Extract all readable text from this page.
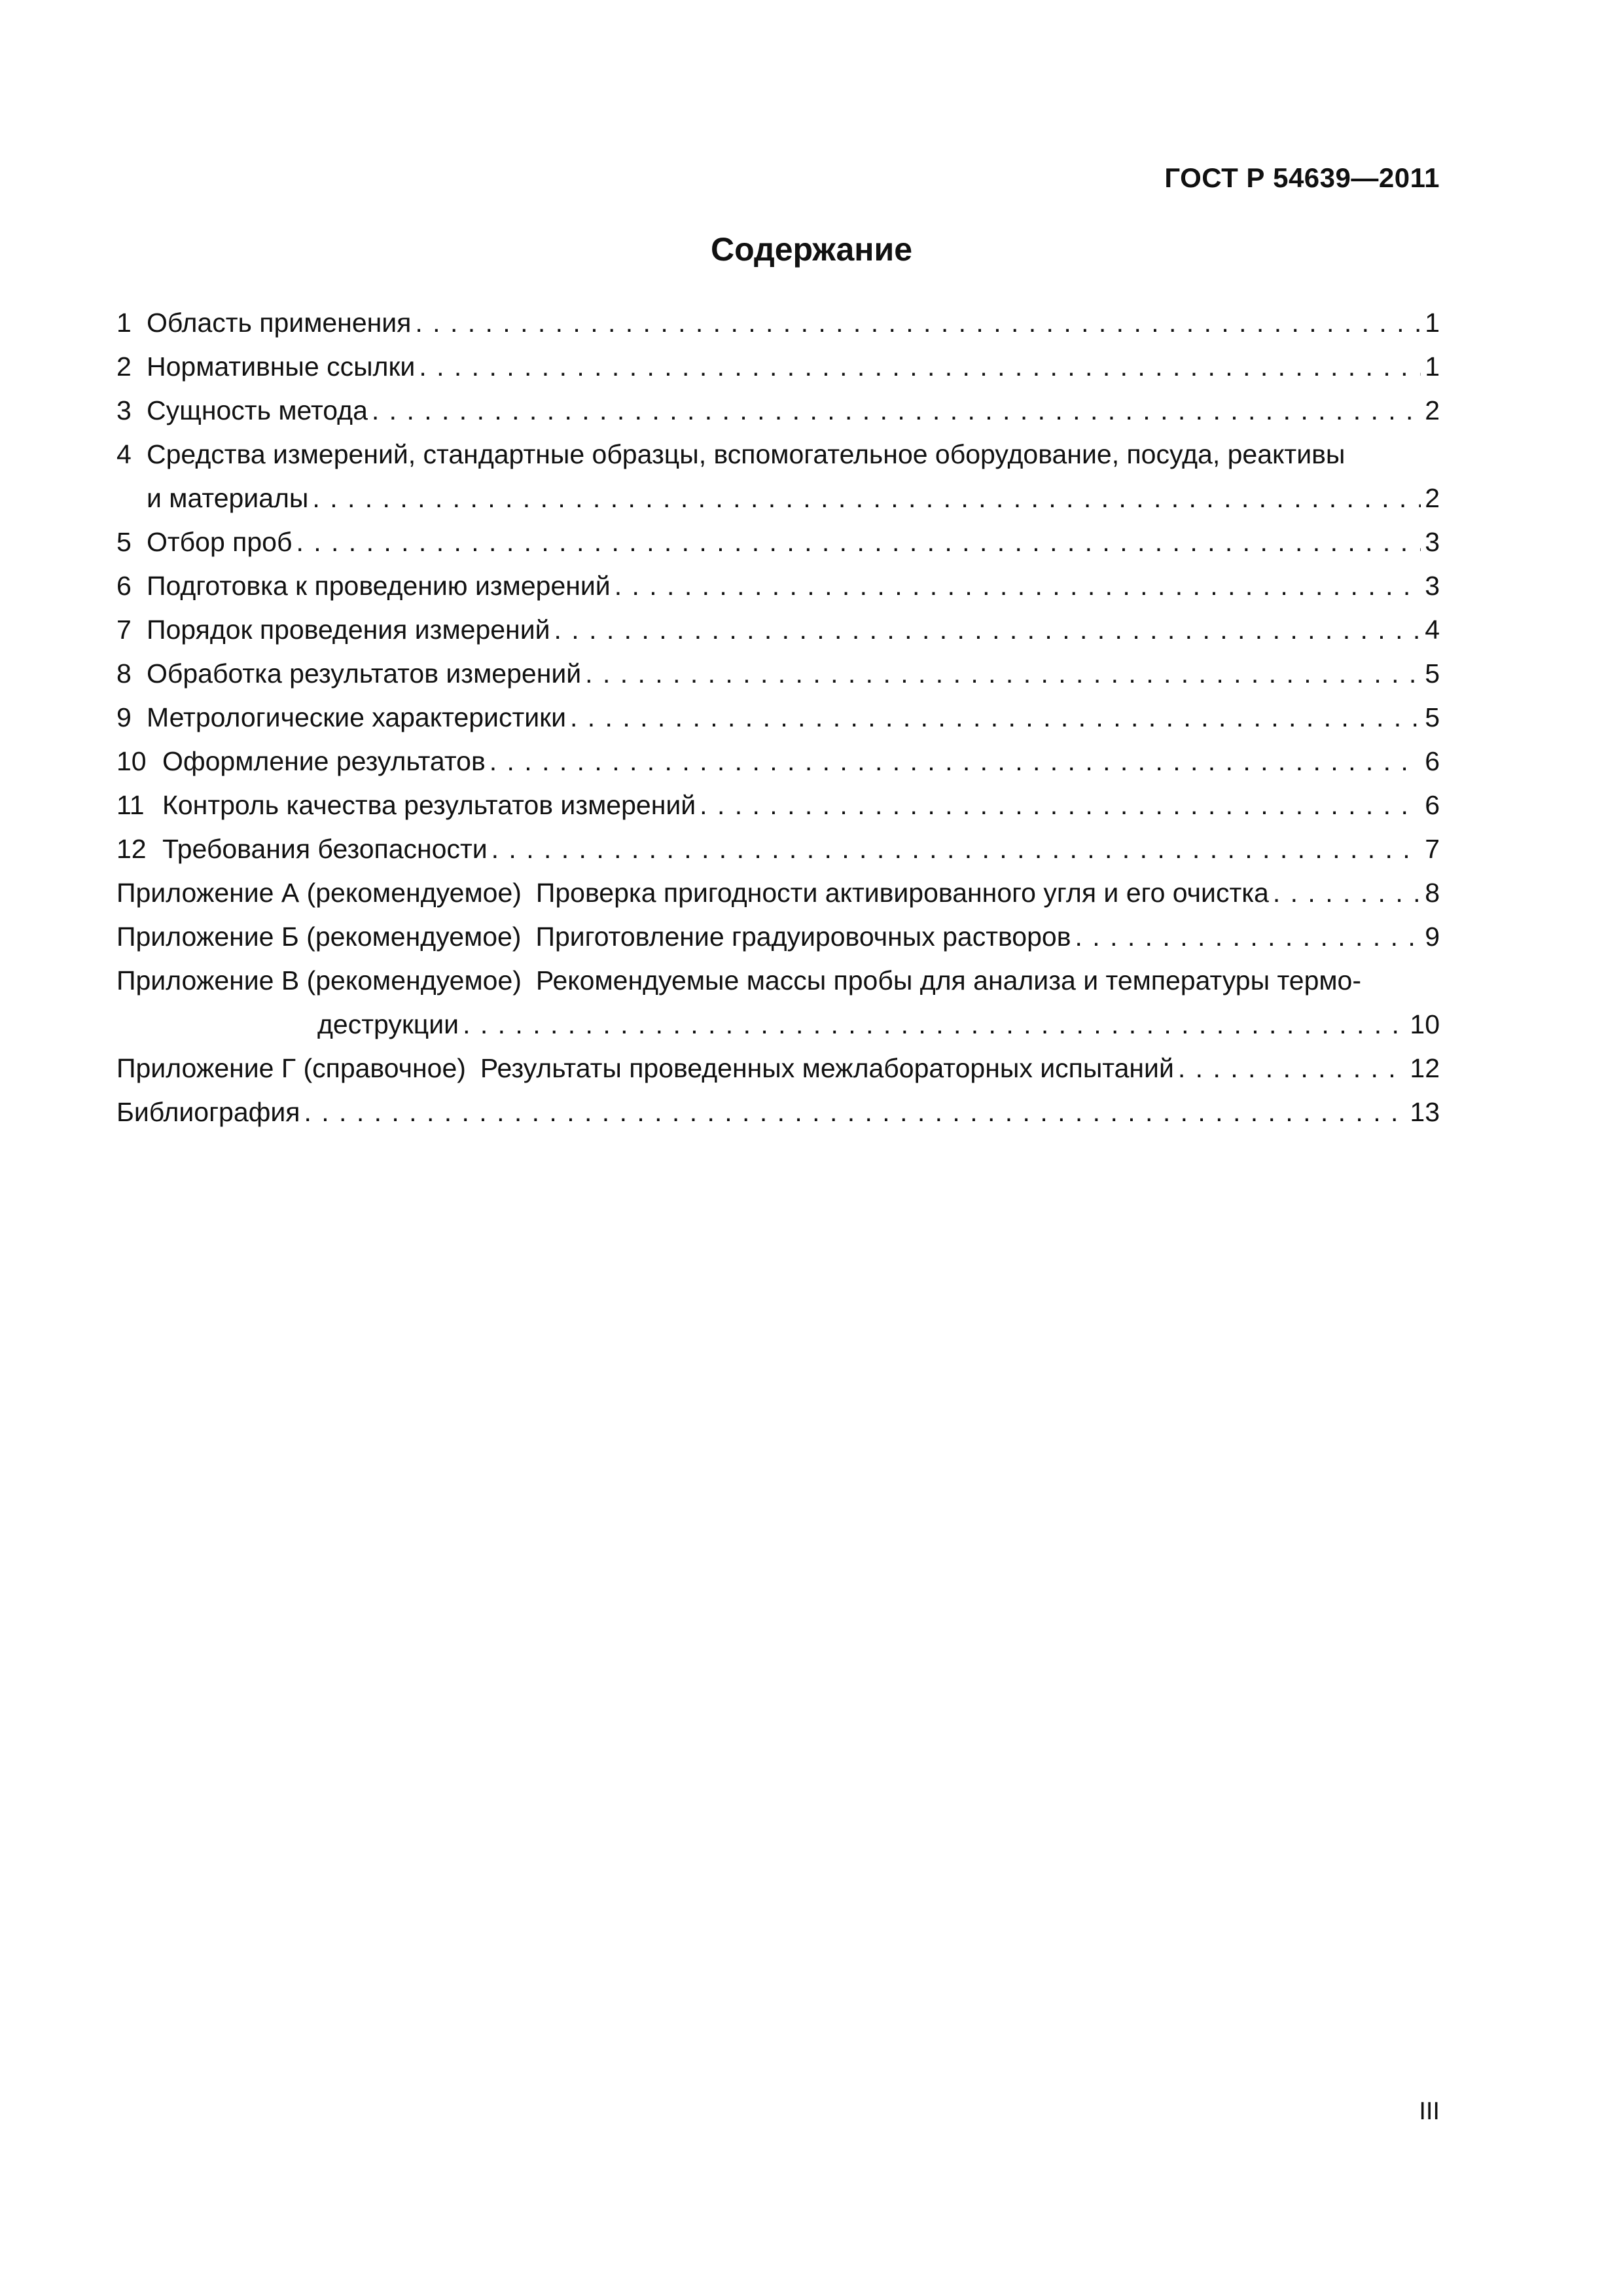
ГОСТ Р 54639—2011
Содержание
1 Область применения . . .	1
2 Нормативные ссылки . . .	1
3 Сущность метода . . .	2
4 Средства измерений, стандартные образцы, вспомогательное оборудование, посуда, реактивы
и материалы . . .	2
5 Отбор проб . . .	3
6 Подготовка к проведению измерений . . .	3
7 Порядок проведения измерений . . .	4
8 Обработка результатов измерений . . .	5
9 Метрологические характеристики . . .	5
10 Оформление результатов . . .	6
11 Контроль качества результатов измерений . . .	6
12 Требования безопасности . . .	7
Приложение А (рекомендуемое) Проверка пригодности активированного угля и его очистка . . .	8
Приложение Б (рекомендуемое) Приготовление градуировочных растворов . . .	9
Приложение В (рекомендуемое) Рекомендуемые массы пробы для анализа и температуры термо-
деструкции . . .	10
Приложение Г (справочное) Результаты проведенных межлабораторных испытаний . . .	12
Библиография . . .	13
III
